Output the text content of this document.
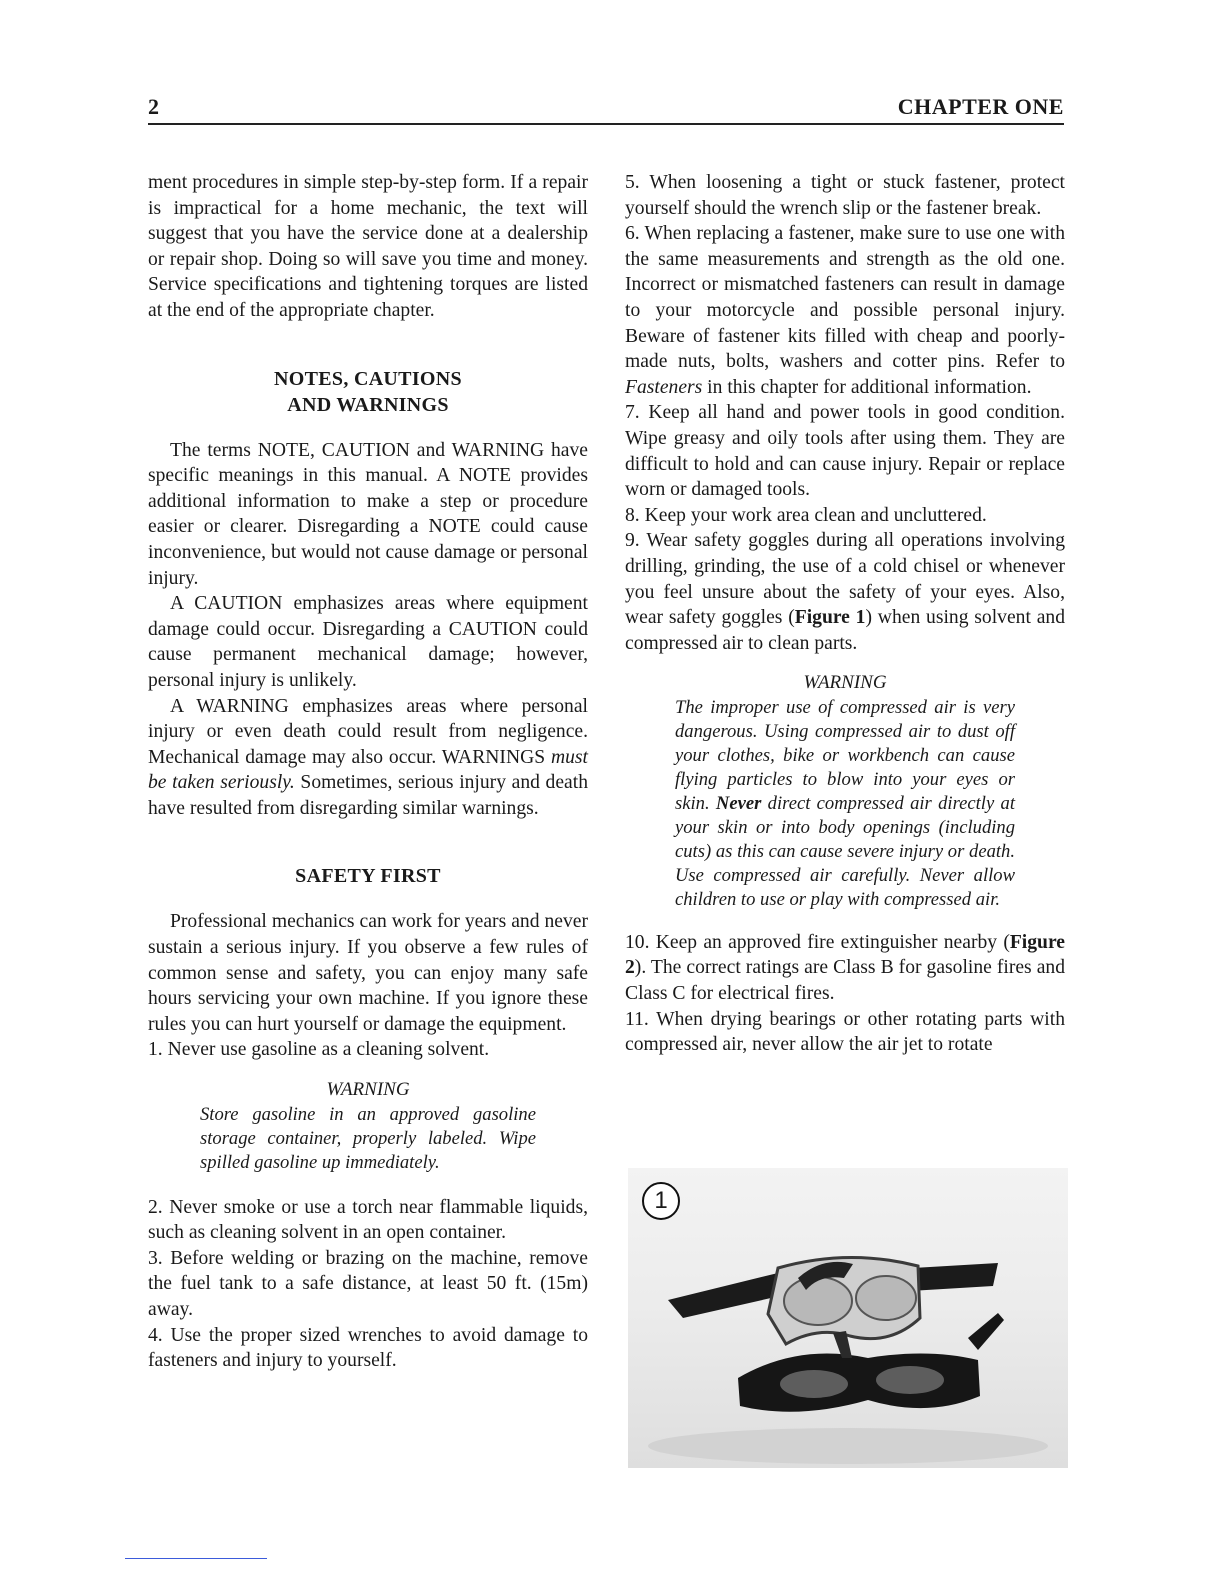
2	CHAPTER ONE

ment procedures in simple step-by-step form. If a repair is impractical for a home mechanic, the text will suggest that you have the service done at a dealership or repair shop. Doing so will save you time and money. Service specifications and tightening torques are listed at the end of the appropriate chapter.

NOTES, CAUTIONS
AND WARNINGS

The terms NOTE, CAUTION and WARNING have specific meanings in this manual. A NOTE provides additional information to make a step or procedure easier or clearer. Disregarding a NOTE could cause inconvenience, but would not cause damage or personal injury.

A CAUTION emphasizes areas where equipment damage could occur. Disregarding a CAUTION could cause permanent mechanical damage; however, personal injury is unlikely.

A WARNING emphasizes areas where personal injury or even death could result from negligence. Mechanical damage may also occur. WARNINGS must be taken seriously. Sometimes, serious injury and death have resulted from disregarding similar warnings.

SAFETY FIRST

Professional mechanics can work for years and never sustain a serious injury. If you observe a few rules of common sense and safety, you can enjoy many safe hours servicing your own machine. If you ignore these rules you can hurt yourself or damage the equipment.

1. Never use gasoline as a cleaning solvent.

WARNING

Store gasoline in an approved gasoline storage container, properly labeled. Wipe spilled gasoline up immediately.

2. Never smoke or use a torch near flammable liquids, such as cleaning solvent in an open container.

3. Before welding or brazing on the machine, remove the fuel tank to a safe distance, at least 50 ft. (15m) away.

4. Use the proper sized wrenches to avoid damage to fasteners and injury to yourself.

5. When loosening a tight or stuck fastener, protect yourself should the wrench slip or the fastener break.

6. When replacing a fastener, make sure to use one with the same measurements and strength as the old one. Incorrect or mismatched fasteners can result in damage to your motorcycle and possible personal injury. Beware of fastener kits filled with cheap and poorly-made nuts, bolts, washers and cotter pins. Refer to Fasteners in this chapter for additional information.

7. Keep all hand and power tools in good condition. Wipe greasy and oily tools after using them. They are difficult to hold and can cause injury. Repair or replace worn or damaged tools.

8. Keep your work area clean and uncluttered.

9. Wear safety goggles during all operations involving drilling, grinding, the use of a cold chisel or whenever you feel unsure about the safety of your eyes. Also, wear safety goggles (Figure 1) when using solvent and compressed air to clean parts.

WARNING

The improper use of compressed air is very dangerous. Using compressed air to dust off your clothes, bike or workbench can cause flying particles to blow into your eyes or skin. Never direct compressed air directly at your skin or into body openings (including cuts) as this can cause severe injury or death. Use compressed air carefully. Never allow children to use or play with compressed air.

10. Keep an approved fire extinguisher nearby (Figure 2). The correct ratings are Class B for gasoline fires and Class C for electrical fires.

11. When drying bearings or other rotating parts with compressed air, never allow the air jet to rotate

1
